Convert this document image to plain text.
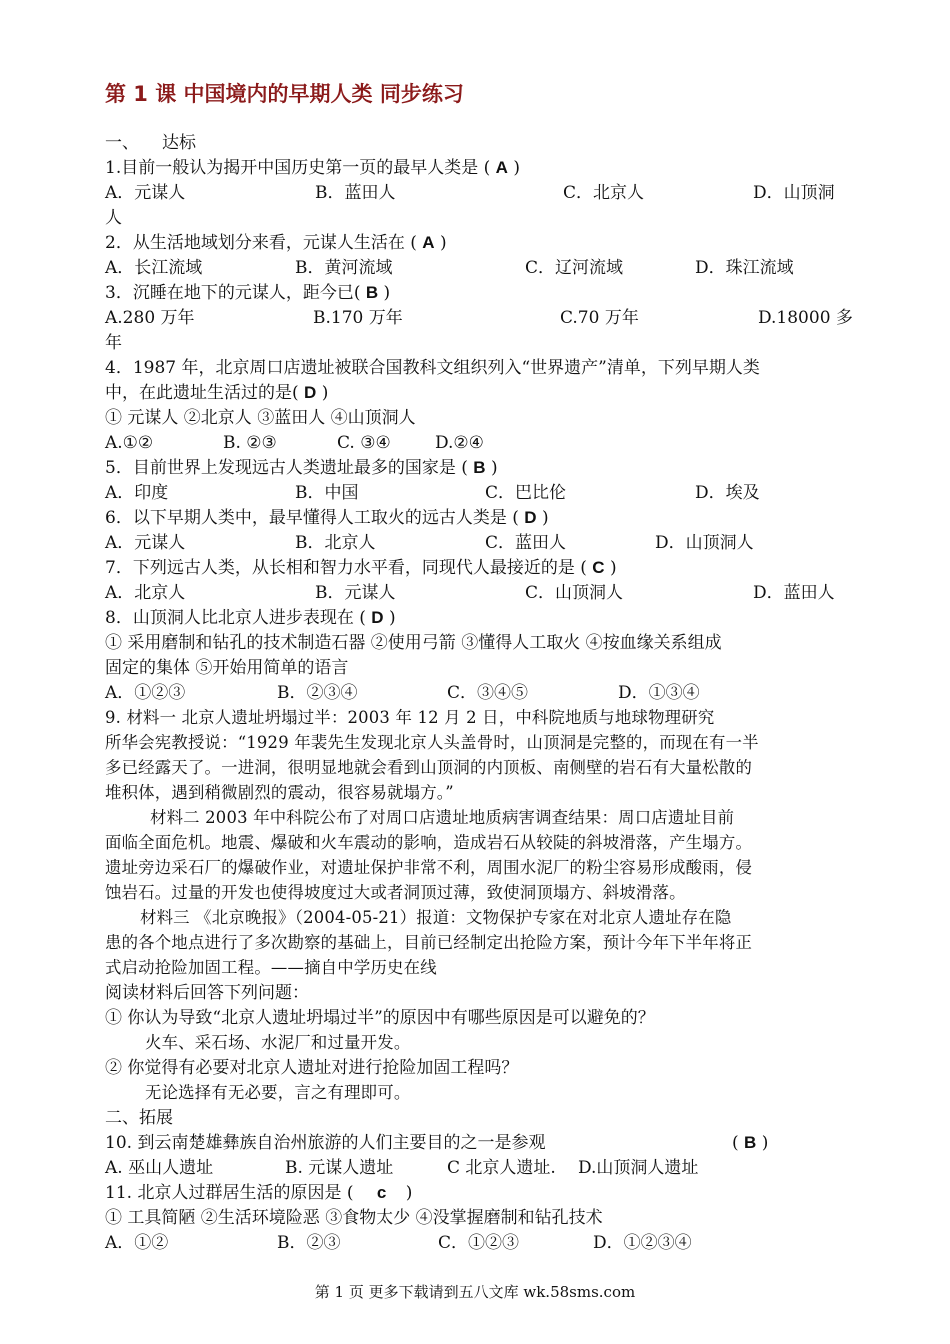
第 1 课 中国境内的早期人类 同步练习
一、 达标
1.目前一般认为揭开中国历史第一页的最早人类是 ( A )
A．元谋人	B．蓝田人	C．北京人	D．山顶洞
人
2．从生活地域划分来看，元谋人生活在 ( A )
A．长江流域	B．黄河流域	C．辽河流域	D．珠江流域
3．沉睡在地下的元谋人，距今已( B )
A.280 万年	B.170 万年	C.70 万年	D.18000 多
年
4．1987 年，北京周口店遗址被联合国教科文组织列入“世界遗产”清单，下列早期人类
中，在此遗址生活过的是( D )
① 元谋人 ②北京人 ③蓝田人 ④山顶洞人
A.①②	B. ②③	C. ③④	D.②④
5．目前世界上发现远古人类遗址最多的国家是 ( B )
A．印度	B．中国	C．巴比伦	D．埃及
6．以下早期人类中，最早懂得人工取火的远古人类是 ( D )
A．元谋人	B．北京人	C．蓝田人	D．山顶洞人
7．下列远古人类，从长相和智力水平看，同现代人最接近的是 ( C )
A．北京人	B．元谋人	C．山顶洞人	D．蓝田人
8．山顶洞人比北京人进步表现在 ( D )
① 采用磨制和钻孔的技术制造石器 ②使用弓箭 ③懂得人工取火 ④按血缘关系组成
固定的集体 ⑤开始用简单的语言
A．①②③	B．②③④	C．③④⑤	D．①③④
9. 材料一 北京人遗址坍塌过半：2003 年 12 月 2 日，中科院地质与地球物理研究
所华会宪教授说：“1929 年裴先生发现北京人头盖骨时，山顶洞是完整的，而现在有一半
多已经露天了。一进洞，很明显地就会看到山顶洞的内顶板、南侧壁的岩石有大量松散的
堆积体，遇到稍微剧烈的震动，很容易就塌方。”
材料二 2003 年中科院公布了对周口店遗址地质病害调查结果：周口店遗址目前
面临全面危机。地震、爆破和火车震动的影响，造成岩石从较陡的斜坡滑落，产生塌方。
遗址旁边采石厂的爆破作业，对遗址保护非常不利，周围水泥厂的粉尘容易形成酸雨，侵
蚀岩石。过量的开发也使得坡度过大或者洞顶过薄，致使洞顶塌方、斜坡滑落。
材料三 《北京晚报》（2004-05-21）报道：文物保护专家在对北京人遗址存在隐
患的各个地点进行了多次勘察的基础上，目前已经制定出抢险方案，预计今年下半年将正
式启动抢险加固工程。——摘自中学历史在线
阅读材料后回答下列问题：
① 你认为导致“北京人遗址坍塌过半”的原因中有哪些原因是可以避免的？
火车、采石场、水泥厂和过量开发。
② 你觉得有必要对北京人遗址对进行抢险加固工程吗？
无论选择有无必要，言之有理即可。
二、拓展
10. 到云南楚雄彝族自治州旅游的人们主要目的之一是参观	( B )
A. 巫山人遗址	B. 元谋人遗址	C 北京人遗址. D.山顶洞人遗址
11. 北京人过群居生活的原因是 ( c )
① 工具简陋 ②生活环境险恶 ③食物太少 ④没掌握磨制和钻孔技术
A．①②	B．②③	C．①②③	D．①②③④
第 1 页 更多下载请到五八文库 wk.58sms.com
